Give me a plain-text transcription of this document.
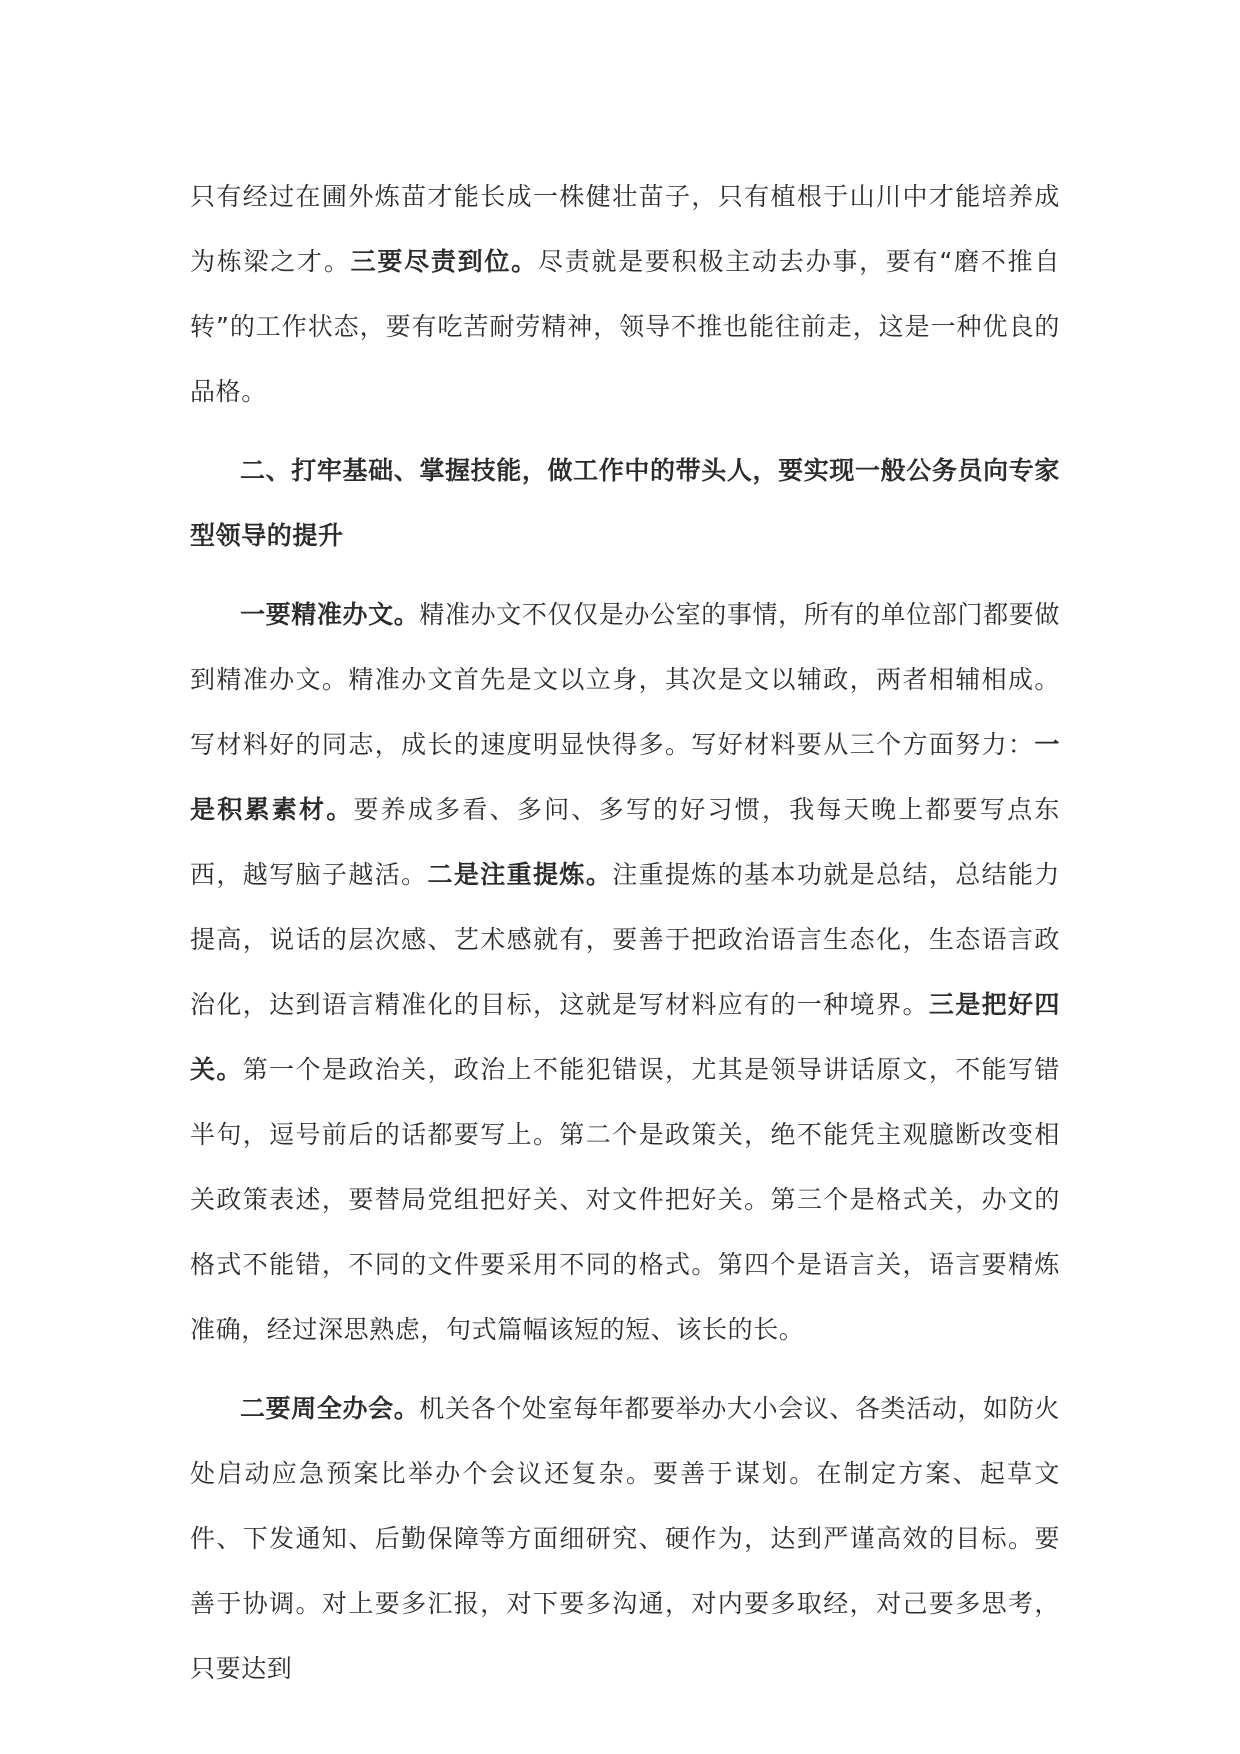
只有经过在圃外炼苗才能长成一株健壮苗子，只有植根于山川中才能培养成为栋梁之才。三要尽责到位。尽责就是要积极主动去办事，要有“磨不推自转”的工作状态，要有吃苦耐劳精神，领导不推也能往前走，这是一种优良的品格。

二、打牢基础、掌握技能，做工作中的带头人，要实现一般公务员向专家型领导的提升

一要精准办文。精准办文不仅仅是办公室的事情，所有的单位部门都要做到精准办文。精准办文首先是文以立身，其次是文以辅政，两者相辅相成。写材料好的同志，成长的速度明显快得多。写好材料要从三个方面努力：一是积累素材。要养成多看、多问、多写的好习惯，我每天晚上都要写点东西，越写脑子越活。二是注重提炼。注重提炼的基本功就是总结，总结能力提高，说话的层次感、艺术感就有，要善于把政治语言生态化，生态语言政治化，达到语言精准化的目标，这就是写材料应有的一种境界。三是把好四关。第一个是政治关，政治上不能犯错误，尤其是领导讲话原文，不能写错半句，逗号前后的话都要写上。第二个是政策关，绝不能凭主观臆断改变相关政策表述，要替局党组把好关、对文件把好关。第三个是格式关，办文的格式不能错，不同的文件要采用不同的格式。第四个是语言关，语言要精炼准确，经过深思熟虑，句式篇幅该短的短、该长的长。

二要周全办会。机关各个处室每年都要举办大小会议、各类活动，如防火处启动应急预案比举办个会议还复杂。要善于谋划。在制定方案、起草文件、下发通知、后勤保障等方面细研究、硬作为，达到严谨高效的目标。要善于协调。对上要多汇报，对下要多沟通，对内要多取经，对己要多思考，只要达到
